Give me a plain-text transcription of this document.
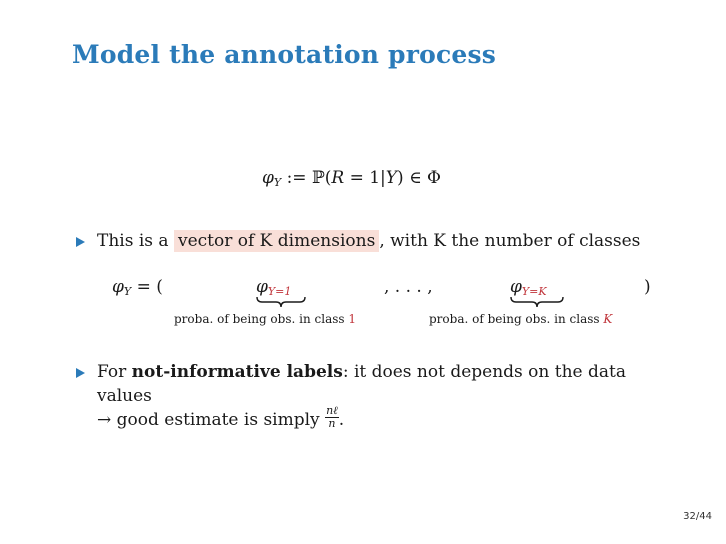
Model the annotation process
$\varphi_Y$ := ℙ(R = 1|Y) ∈ Φ
This is a vector of K dimensions , with K the number of classes
$\varphi_Y$ = (	$\varphi_{Y=1}$
proba. of being obs. in class 1
, . . . ,	$\varphi_{Y=K}$
proba. of being obs. in class K
)
For not-informative labels: it does not depends on the data
values
→ good estimate is simply nℓ
n .
32/44
